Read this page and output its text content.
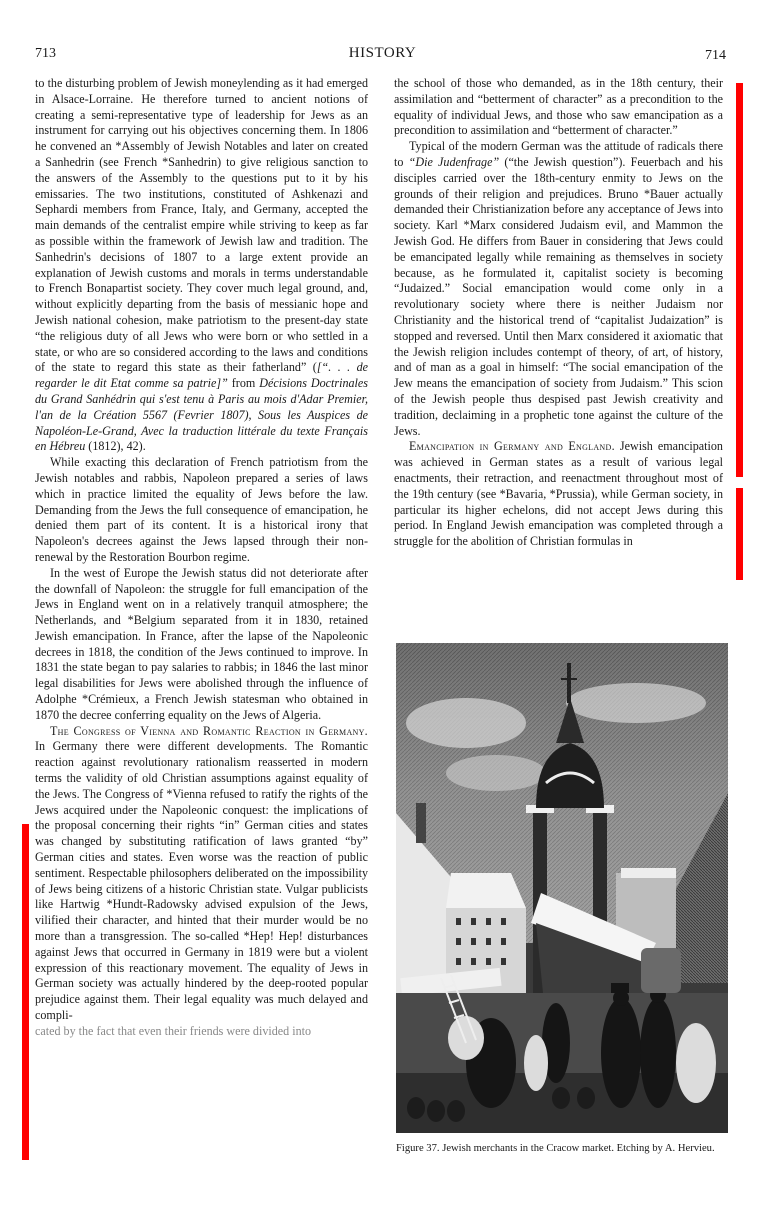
713	HISTORY	714

to the disturbing problem of Jewish moneylending as it had emerged in Alsace-Lorraine. He therefore turned to ancient notions of creating a semi-representative type of leadership for Jews as an instrument for carrying out his objectives concerning them. In 1806 he convened an *Assembly of Jewish Notables and later on created a Sanhedrin (see French *Sanhedrin) to give religious sanction to the answers of the Assembly to the questions put to it by his emissaries. The two institutions, constituted of Ashkenazi and Sephardi members from France, Italy, and Germany, accepted the main demands of the centralist empire while striving to keep as far as possible within the framework of Jewish law and tradition. The Sanhedrin's decisions of 1807 to a large extent provide an explanation of Jewish customs and morals in terms understandable to French Bonapartist society. They cover much legal ground, and, without explicitly departing from the basis of messianic hope and Jewish national cohesion, make patriotism to the present-day state “the religious duty of all Jews who were born or who settled in a state, or who are so considered according to the laws and conditions of the state to regard this state as their fatherland” ([“. . . de regarder le dit Etat comme sa patrie]” from Décisions Doctrinales du Grand Sanhédrin qui s'est tenu à Paris au mois d'Adar Premier, l'an de la Création 5567 (Fevrier 1807), Sous les Auspices de Napoléon-Le-Grand, Avec la traduction littérale du texte Français en Hébreu (1812), 42).

While exacting this declaration of French patriotism from the Jewish notables and rabbis, Napoleon prepared a series of laws which in practice limited the equality of Jews before the law. Demanding from the Jews the full consequence of emancipation, he denied them part of its content. It is a historical irony that Napoleon's decrees against the Jews lapsed through their non-renewal by the Restoration Bourbon regime.

In the west of Europe the Jewish status did not deteriorate after the downfall of Napoleon: the struggle for full emancipation of the Jews in England went on in a relatively tranquil atmosphere; the Netherlands, and *Belgium separated from it in 1830, retained Jewish emancipation. In France, after the lapse of the Napoleonic decrees in 1818, the condition of the Jews continued to improve. In 1831 the state began to pay salaries to rabbis; in 1846 the last minor legal disabilities for Jews were abolished through the influence of Adolphe *Crémieux, a French Jewish statesman who obtained in 1870 the decree conferring equality on the Jews of Algeria.

The Congress of Vienna and Romantic Reaction in Germany. In Germany there were different developments. The Romantic reaction against revolutionary rationalism reasserted in modern terms the validity of old Christian assumptions against equality of the Jews. The Congress of *Vienna refused to ratify the rights of the Jews acquired under the Napoleonic conquest: the implications of the proposal concerning their rights “in” German cities and states was changed by substituting ratification of laws granted “by” German cities and states. Even worse was the reaction of public sentiment. Respectable philosophers deliberated on the impossibility of Jews being citizens of a historic Christian state. Vulgar publicists like Hartwig *Hundt-Radowsky advised expulsion of the Jews, vilified their character, and hinted that their murder would be no more than a transgression. The so-called *Hep! Hep! disturbances against Jews that occurred in Germany in 1819 were but a violent expression of this reactionary movement. The equality of Jews in German society was actually hindered by the deep-rooted popular prejudice against them. Their legal equality was much delayed and compli-

cated by the fact that even their friends were divided into

the school of those who demanded, as in the 18th century, their assimilation and “betterment of character” as a precondition to the equality of individual Jews, and those who saw emancipation as a precondition to assimilation and “betterment of character.”

Typical of the modern German was the attitude of radicals there to “Die Judenfrage” (“the Jewish question”). Feuerbach and his disciples carried over the 18th-century enmity to Jews on the grounds of their religion and prejudices. Bruno *Bauer actually demanded their Christianization before any acceptance of Jews into society. Karl *Marx considered Judaism evil, and Mammon the Jewish God. He differs from Bauer in considering that Jews could be emancipated legally while remaining as themselves in society because, as he formulated it, capitalist society is becoming “Judaized.” Social emancipation would come only in a revolutionary society where there is neither Judaism nor Christianity and the historical trend of “capitalist Judaization” is stopped and reversed. Until then Marx considered it axiomatic that the Jewish religion includes contempt of theory, of art, of history, and of man as a goal in himself: “The social emancipation of the Jew means the emancipation of society from Judaism.” This scion of the Jewish people thus despised past Jewish creativity and tradition, declaiming in a prophetic tone against the culture of the Jews.

Emancipation in Germany and England. Jewish emancipation was achieved in German states as a result of various legal enactments, their retraction, and reenactment throughout most of the 19th century (see *Bavaria, *Prussia), while German society, in particular its higher echelons, did not accept Jews during this period. In England Jewish emancipation was completed through a struggle for the abolition of Christian formulas in

Figure 37. Jewish merchants in the Cracow market. Etching by A. Hervieu.
